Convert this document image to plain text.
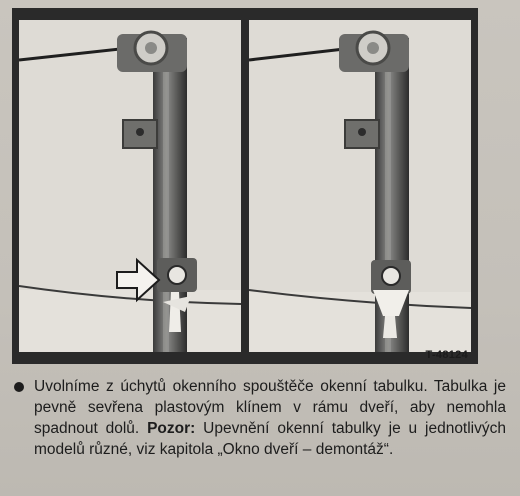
T-48124

Uvolníme z úchytů okenního spouštěče okenní tabulku. Tabulka je pevně sevřena plastovým klínem v rámu dveří, aby nemohla spadnout dolů. Pozor: Upevnění okenní tabulky je u jednotlivých modelů různé, viz kapitola „Okno dveří – demontáž“.
